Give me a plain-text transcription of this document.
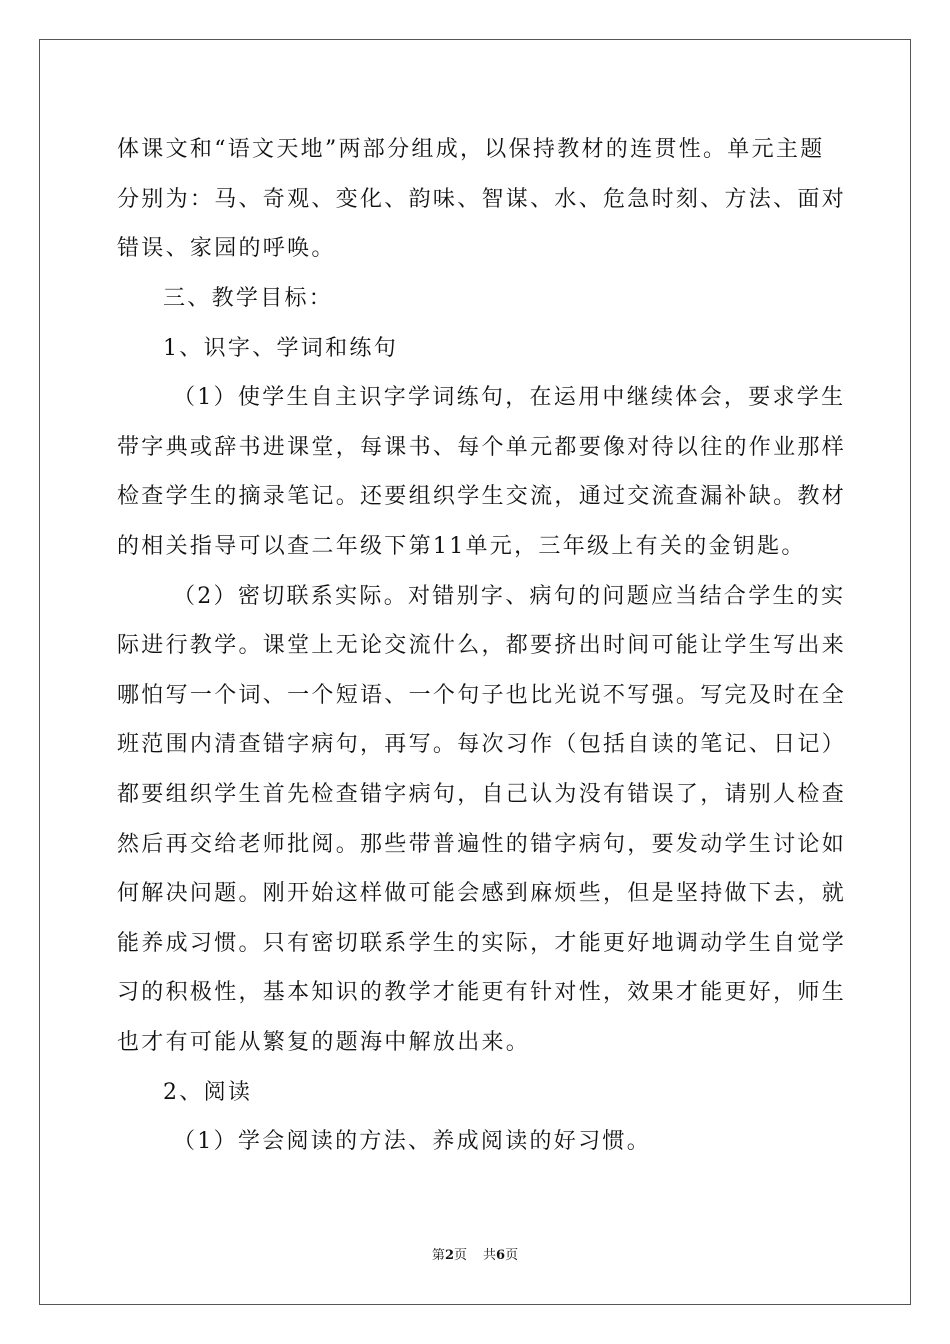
体课文和“语文天地”两部分组成，以保持教材的连贯性。单元主题
分别为：马、奇观、变化、韵味、智谋、水、危急时刻、方法、面对
错误、家园的呼唤。
三、教学目标：
1、识字、学词和练句
（1）使学生自主识字学词练句，在运用中继续体会，要求学生
带字典或辞书进课堂，每课书、每个单元都要像对待以往的作业那样
检查学生的摘录笔记。还要组织学生交流，通过交流查漏补缺。教材
的相关指导可以查二年级下第11单元，三年级上有关的金钥匙。
（2）密切联系实际。对错别字、病句的问题应当结合学生的实
际进行教学。课堂上无论交流什么，都要挤出时间可能让学生写出来
哪怕写一个词、一个短语、一个句子也比光说不写强。写完及时在全
班范围内清查错字病句，再写。每次习作（包括自读的笔记、日记）
都要组织学生首先检查错字病句，自己认为没有错误了，请别人检查
然后再交给老师批阅。那些带普遍性的错字病句，要发动学生讨论如
何解决问题。刚开始这样做可能会感到麻烦些，但是坚持做下去，就
能养成习惯。只有密切联系学生的实际，才能更好地调动学生自觉学
习的积极性，基本知识的教学才能更有针对性，效果才能更好，师生
也才有可能从繁复的题海中解放出来。
2、阅读
（1）学会阅读的方法、养成阅读的好习惯。
第2页 共6页
